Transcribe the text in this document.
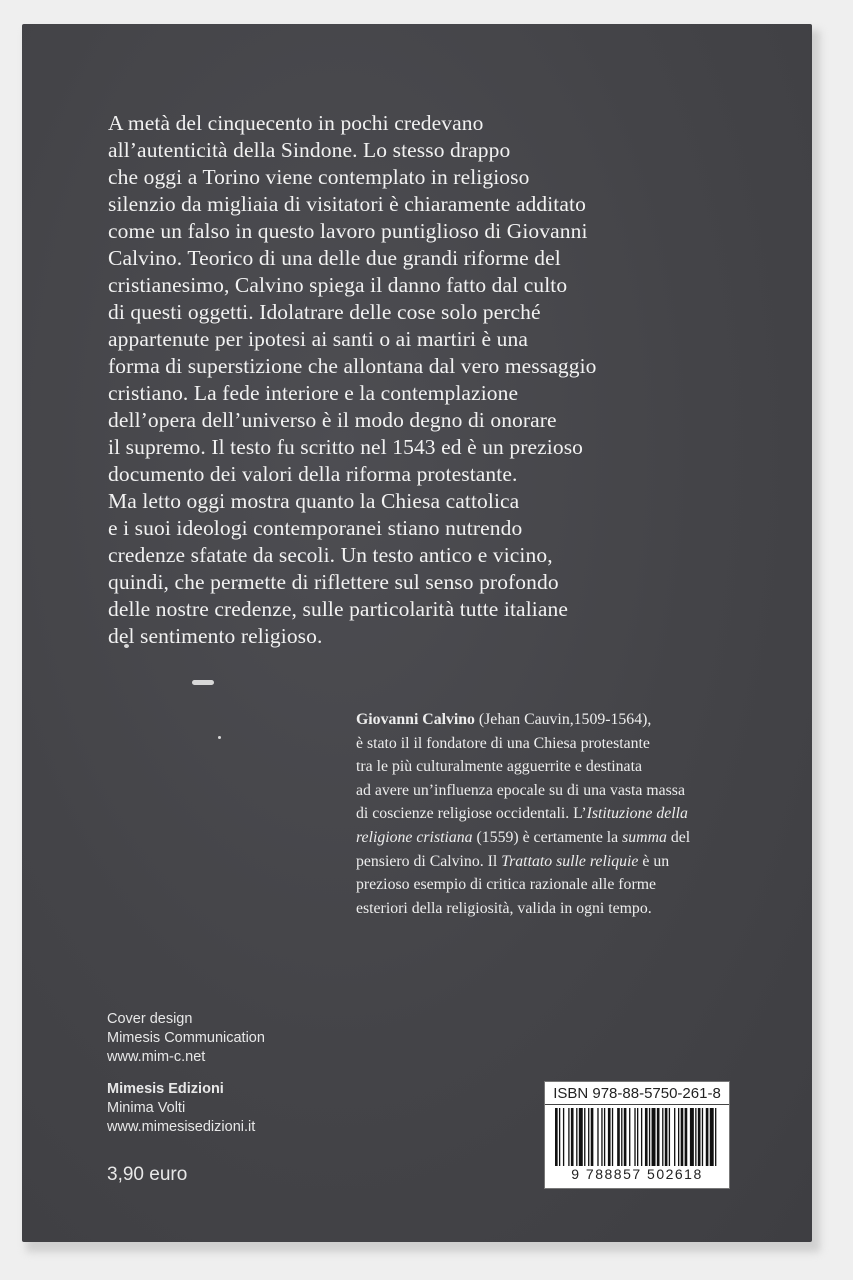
A metà del cinquecento in pochi credevano
all’autenticità della Sindone. Lo stesso drappo
che oggi a Torino viene contemplato in religioso
silenzio da migliaia di visitatori è chiaramente additato
come un falso in questo lavoro puntiglioso di Giovanni
Calvino. Teorico di una delle due grandi riforme del
cristianesimo, Calvino spiega il danno fatto dal culto
di questi oggetti. Idolatrare delle cose solo perché
appartenute per ipotesi ai santi o ai martiri è una
forma di superstizione che allontana dal vero messaggio
cristiano. La fede interiore e la contemplazione
dell’opera dell’universo è il modo degno di onorare
il supremo. Il testo fu scritto nel 1543 ed è un prezioso
documento dei valori della riforma protestante.
Ma letto oggi mostra quanto la Chiesa cattolica
e i suoi ideologi contemporanei stiano nutrendo
credenze sfatate da secoli. Un testo antico e vicino,
quindi, che permette di riflettere sul senso profondo
delle nostre credenze, sulle particolarità tutte italiane
del sentimento religioso.
Giovanni Calvino (Jehan Cauvin,1509-1564),
è stato il il fondatore di una Chiesa protestante
tra le più culturalmente agguerrite e destinata
ad avere un’influenza epocale su di una vasta massa
di coscienze religiose occidentali. L’Istituzione della
religione cristiana (1559) è certamente la summa del
pensiero di Calvino. Il Trattato sulle reliquie è un
prezioso esempio di critica razionale alle forme
esteriori della religiosità, valida in ogni tempo.
Cover design
Mimesis Communication
www.mim-c.net
Mimesis Edizioni
Minima Volti
www.mimesisedizioni.it
3,90 euro
ISBN 978-88-5750-261-8
9 788857 502618
